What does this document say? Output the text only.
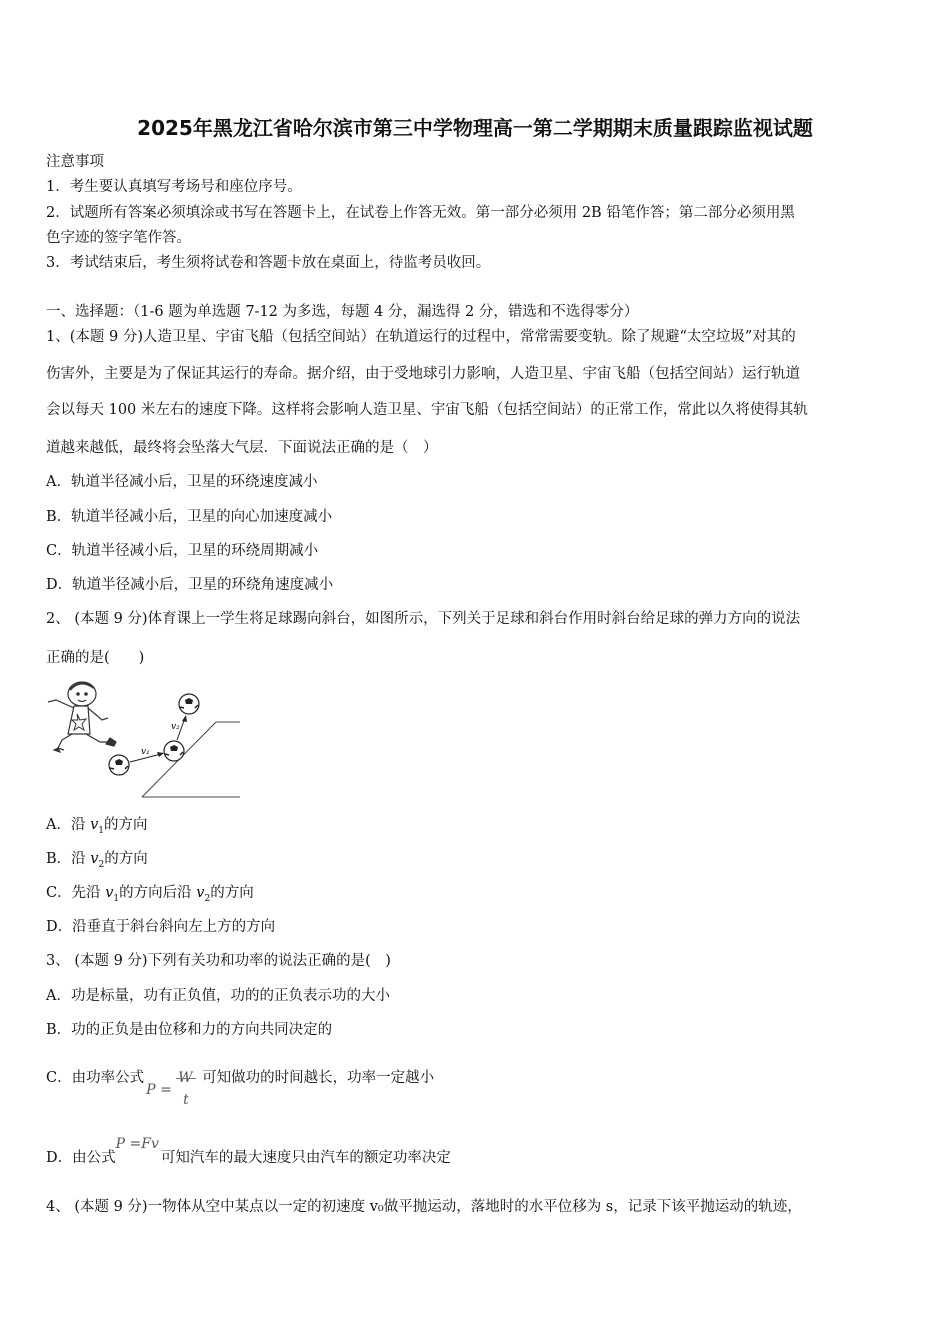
2025年黑龙江省哈尔滨市第三中学物理高一第二学期期末质量跟踪监视试题
注意事项
1．考生要认真填写考场号和座位序号。
2．试题所有答案必须填涂或书写在答题卡上，在试卷上作答无效。第一部分必须用 2B 铅笔作答；第二部分必须用黑
色字迹的签字笔作答。
3．考试结束后，考生须将试卷和答题卡放在桌面上，待监考员收回。
一、选择题：（1-6 题为单选题 7-12 为多选，每题 4 分，漏选得 2 分，错选和不选得零分）
1、(本题 9 分)人造卫星、宇宙飞船（包括空间站）在轨道运行的过程中，常常需要变轨。除了规避“太空垃圾”对其的
伤害外，主要是为了保证其运行的寿命。据介绍，由于受地球引力影响，人造卫星、宇宙飞船（包括空间站）运行轨道
会以每天 100 米左右的速度下降。这样将会影响人造卫星、宇宙飞船（包括空间站）的正常工作，常此以久将使得其轨
道越来越低，最终将会坠落大气层．下面说法正确的是（　）
A．轨道半径减小后，卫星的环绕速度减小
B．轨道半径减小后，卫星的向心加速度减小
C．轨道半径减小后，卫星的环绕周期减小
D．轨道半径减小后，卫星的环绕角速度减小
2、 (本题 9 分)体育课上一学生将足球踢向斜台，如图所示，下列关于足球和斜台作用时斜台给足球的弹力方向的说法
正确的是(　　)
v₁
v₂
A．沿 $v_1$的方向
B．沿 $v_2$的方向
C．先沿 $v_1$的方向后沿 $v_2$的方向
D．沿垂直于斜台斜向左上方的方向
3、 (本题 9 分)下列有关功和功率的说法正确的是(　)
A．功是标量，功有正负值，功的的正负表示功的大小
B．功的正负是由位移和力的方向共同决定的
C．由功率公式
P =
W
t
可知做功的时间越长，功率一定越小
D．由公式P =Fv可知汽车的最大速度只由汽车的额定功率决定
4、 (本题 9 分)一物体从空中某点以一定的初速度 v₀做平抛运动，落地时的水平位移为 s，记录下该平抛运动的轨迹，
